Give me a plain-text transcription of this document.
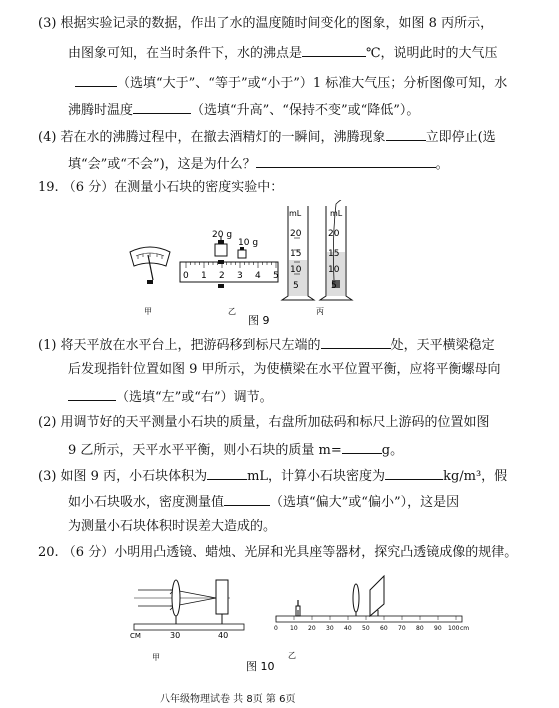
(3) 根据实验记录的数据，作出了水的温度随时间变化的图象，如图 8 丙所示，
由图象可知，在当时条件下，水的沸点是	℃，说明此时的大气压
（选填“大于”、“等于”或“小于”）1 标准大气压；分析图像可知，水
沸腾时温度	（选填“升高”、“保持不变”或“降低”）。
(4) 若在水的沸腾过程中，在撤去酒精灯的一瞬间，沸腾现象	立即停止(选
填“会”或“不会”)，这是为什么？	。
19. （6 分）在测量小石块的密度实验中：
甲
20 g
10 g
0 1 2 3 4 5
乙
mL
20
15
10
5
mL
20
15
10
5
丙
图 9
(1) 将天平放在水平台上，把游码移到标尺左端的	处，天平横梁稳定
后发现指针位置如图 9 甲所示，为使横梁在水平位置平衡，应将平衡螺母向
（选填“左”或“右”）调节。
(2) 用调节好的天平测量小石块的质量，右盘所加砝码和标尺上游码的位置如图
9 乙所示，天平水平平衡，则小石块的质量 m=	g。
(3) 如图 9 丙，小石块体积为	mL，计算小石块密度为	kg/m³，假
如小石块吸水，密度测量值	（选填“偏大”或“偏小”），这是因
为测量小石块体积时误差大造成的。
20. （6 分）小明用凸透镜、蜡烛、光屏和光具座等器材，探究凸透镜成像的规律。
CM	30	40
甲
0 10 20 30 40 50 60 70 80 90 100 cm
乙
图 10
八年级物理试卷 共 8页 第 6页
